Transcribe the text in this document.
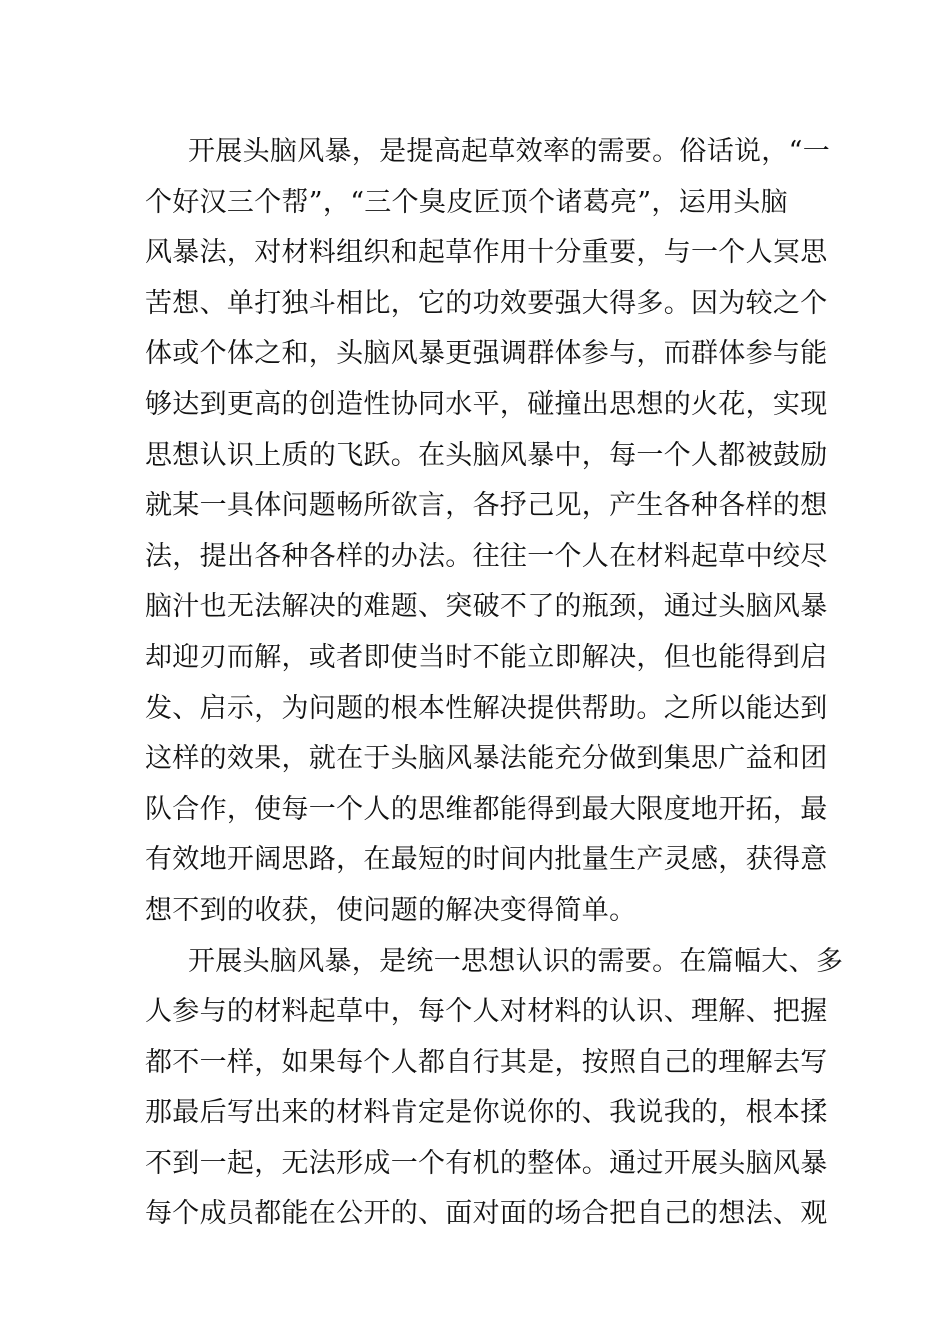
开展头脑风暴，是提高起草效率的需要。俗话说，“一
个好汉三个帮”，“三个臭皮匠顶个诸葛亮”，运用头脑
风暴法，对材料组织和起草作用十分重要，与一个人冥思
苦想、单打独斗相比，它的功效要强大得多。因为较之个
体或个体之和，头脑风暴更强调群体参与，而群体参与能
够达到更高的创造性协同水平，碰撞出思想的火花，实现
思想认识上质的飞跃。在头脑风暴中，每一个人都被鼓励
就某一具体问题畅所欲言，各抒己见，产生各种各样的想
法，提出各种各样的办法。往往一个人在材料起草中绞尽
脑汁也无法解决的难题、突破不了的瓶颈，通过头脑风暴
却迎刃而解，或者即使当时不能立即解决，但也能得到启
发、启示，为问题的根本性解决提供帮助。之所以能达到
这样的效果，就在于头脑风暴法能充分做到集思广益和团
队合作，使每一个人的思维都能得到最大限度地开拓，最
有效地开阔思路，在最短的时间内批量生产灵感，获得意
想不到的收获，使问题的解决变得简单。
开展头脑风暴，是统一思想认识的需要。在篇幅大、多
人参与的材料起草中，每个人对材料的认识、理解、把握
都不一样，如果每个人都自行其是，按照自己的理解去写
那最后写出来的材料肯定是你说你的、我说我的，根本揉
不到一起，无法形成一个有机的整体。通过开展头脑风暴
每个成员都能在公开的、面对面的场合把自己的想法、观
